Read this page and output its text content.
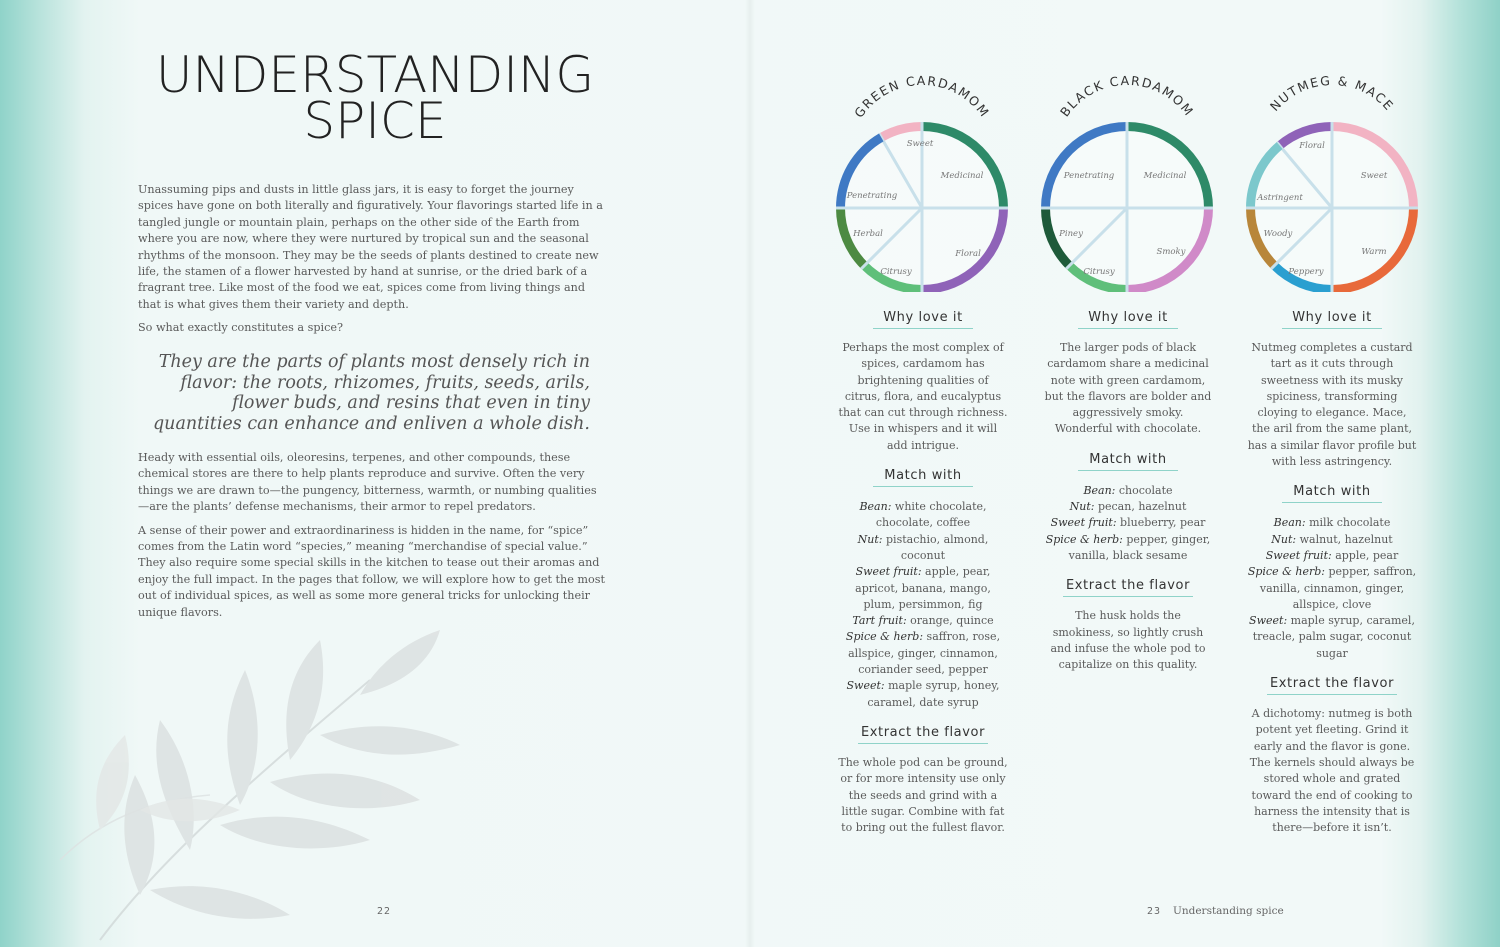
UNDERSTANDING
SPICE

Unassuming pips and dusts in little glass jars, it is easy to forget the journey spices have gone on both literally and figuratively. Your flavorings started life in a tangled jungle or mountain plain, perhaps on the other side of the Earth from where you are now, where they were nurtured by tropical sun and the seasonal rhythms of the monsoon. They may be the seeds of plants destined to create new life, the stamen of a flower harvested by hand at sunrise, or the dried bark of a fragrant tree. Like most of the food we eat, spices come from living things and that is what gives them their variety and depth.

So what exactly constitutes a spice?

They are the parts of plants most densely rich in flavor: the roots, rhizomes, fruits, seeds, arils, flower buds, and resins that even in tiny quantities can enhance and enliven a whole dish.

Heady with essential oils, oleoresins, terpenes, and other compounds, these chemical stores are there to help plants reproduce and survive. Often the very things we are drawn to—the pungency, bitterness, warmth, or numbing qualities—are the plants’ defense mechanisms, their armor to repel predators.

A sense of their power and extraordinariness is hidden in the name, for “spice” comes from the Latin word “species,” meaning “merchandise of special value.” They also require some special skills in the kitchen to tease out their aromas and enjoy the full impact. In the pages that follow, we will explore how to get the most out of individual spices, as well as some more general tricks for unlocking their unique flavors.

22
GREEN CARDAMOM
Sweet
Medicinal
Floral
Citrusy
Herbal
Penetrating
BLACK CARDAMOM
Penetrating	Medicinal
Smoky
Citrusy
Piney
NUTMEG & MACE
Floral
Sweet
Warm
Peppery
Woody
Astringent
Why love it

Perhaps the most complex of spices, cardamom has brightening qualities of citrus, flora, and eucalyptus that can cut through richness. Use in whispers and it will add intrigue.

Match with
Bean: white chocolate, chocolate, coffee
Nut: pistachio, almond, coconut
Sweet fruit: apple, pear, apricot, banana, mango, plum, persimmon, fig
Tart fruit: orange, quince
Spice & herb: saffron, rose, allspice, ginger, cinnamon, coriander seed, pepper
Sweet: maple syrup, honey, caramel, date syrup
Extract the flavor

The whole pod can be ground, or for more intensity use only the seeds and grind with a little sugar. Combine with fat to bring out the fullest flavor.

Why love it

The larger pods of black cardamom share a medicinal note with green cardamom, but the flavors are bolder and aggressively smoky. Wonderful with chocolate.

Match with
Bean: chocolate
Nut: pecan, hazelnut
Sweet fruit: blueberry, pear
Spice & herb: pepper, ginger, vanilla, black sesame
Extract the flavor

The husk holds the smokiness, so lightly crush and infuse the whole pod to capitalize on this quality.

Why love it

Nutmeg completes a custard tart as it cuts through sweetness with its musky spiciness, transforming cloying to elegance. Mace, the aril from the same plant, has a similar flavor profile but with less astringency.

Match with
Bean: milk chocolate
Nut: walnut, hazelnut
Sweet fruit: apple, pear
Spice & herb: pepper, saffron, vanilla, cinnamon, ginger, allspice, clove
Sweet: maple syrup, caramel, treacle, palm sugar, coconut sugar
Extract the flavor

A dichotomy: nutmeg is both potent yet fleeting. Grind it early and the flavor is gone. The kernels should always be stored whole and grated toward the end of cooking to harness the intensity that is there—before it isn’t.

23 Understanding spice
